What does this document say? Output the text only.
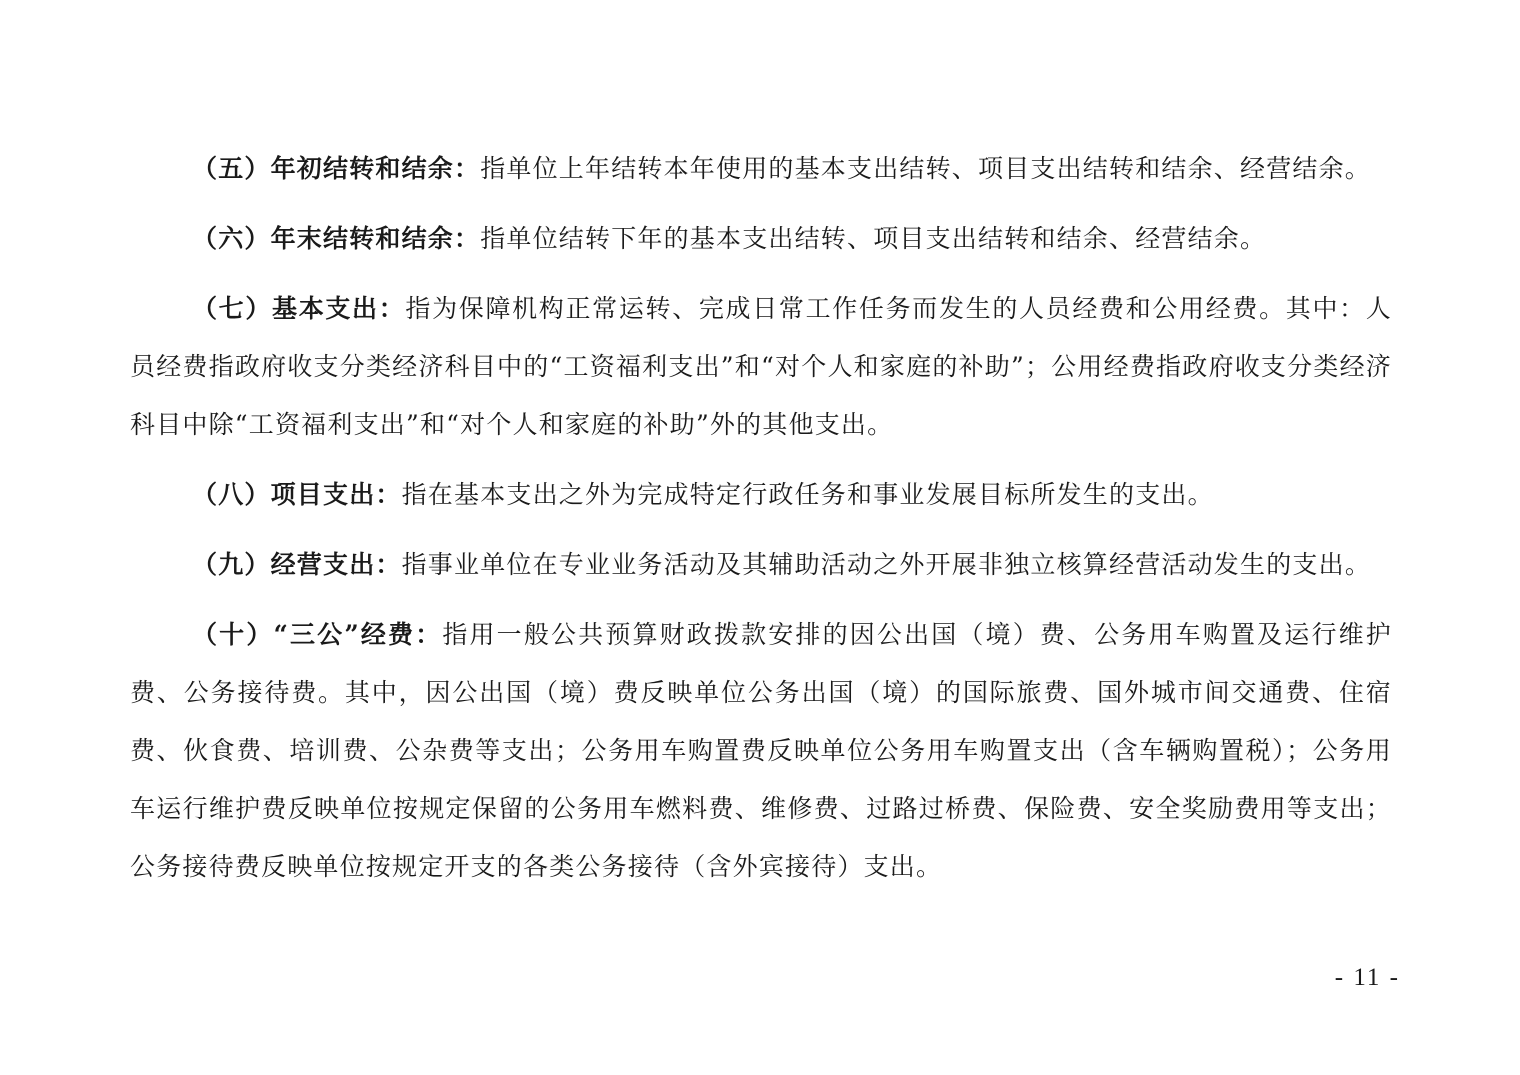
（五）年初结转和结余：指单位上年结转本年使用的基本支出结转、项目支出结转和结余、经营结余。

（六）年末结转和结余：指单位结转下年的基本支出结转、项目支出结转和结余、经营结余。

（七）基本支出：指为保障机构正常运转、完成日常工作任务而发生的人员经费和公用经费。其中：人员经费指政府收支分类经济科目中的“工资福利支出”和“对个人和家庭的补助”；公用经费指政府收支分类经济科目中除“工资福利支出”和“对个人和家庭的补助”外的其他支出。

（八）项目支出：指在基本支出之外为完成特定行政任务和事业发展目标所发生的支出。

（九）经营支出：指事业单位在专业业务活动及其辅助活动之外开展非独立核算经营活动发生的支出。

（十）“三公”经费：指用一般公共预算财政拨款安排的因公出国（境）费、公务用车购置及运行维护费、公务接待费。其中，因公出国（境）费反映单位公务出国（境）的国际旅费、国外城市间交通费、住宿费、伙食费、培训费、公杂费等支出；公务用车购置费反映单位公务用车购置支出（含车辆购置税）；公务用车运行维护费反映单位按规定保留的公务用车燃料费、维修费、过路过桥费、保险费、安全奖励费用等支出；公务接待费反映单位按规定开支的各类公务接待（含外宾接待）支出。

- 11 -
